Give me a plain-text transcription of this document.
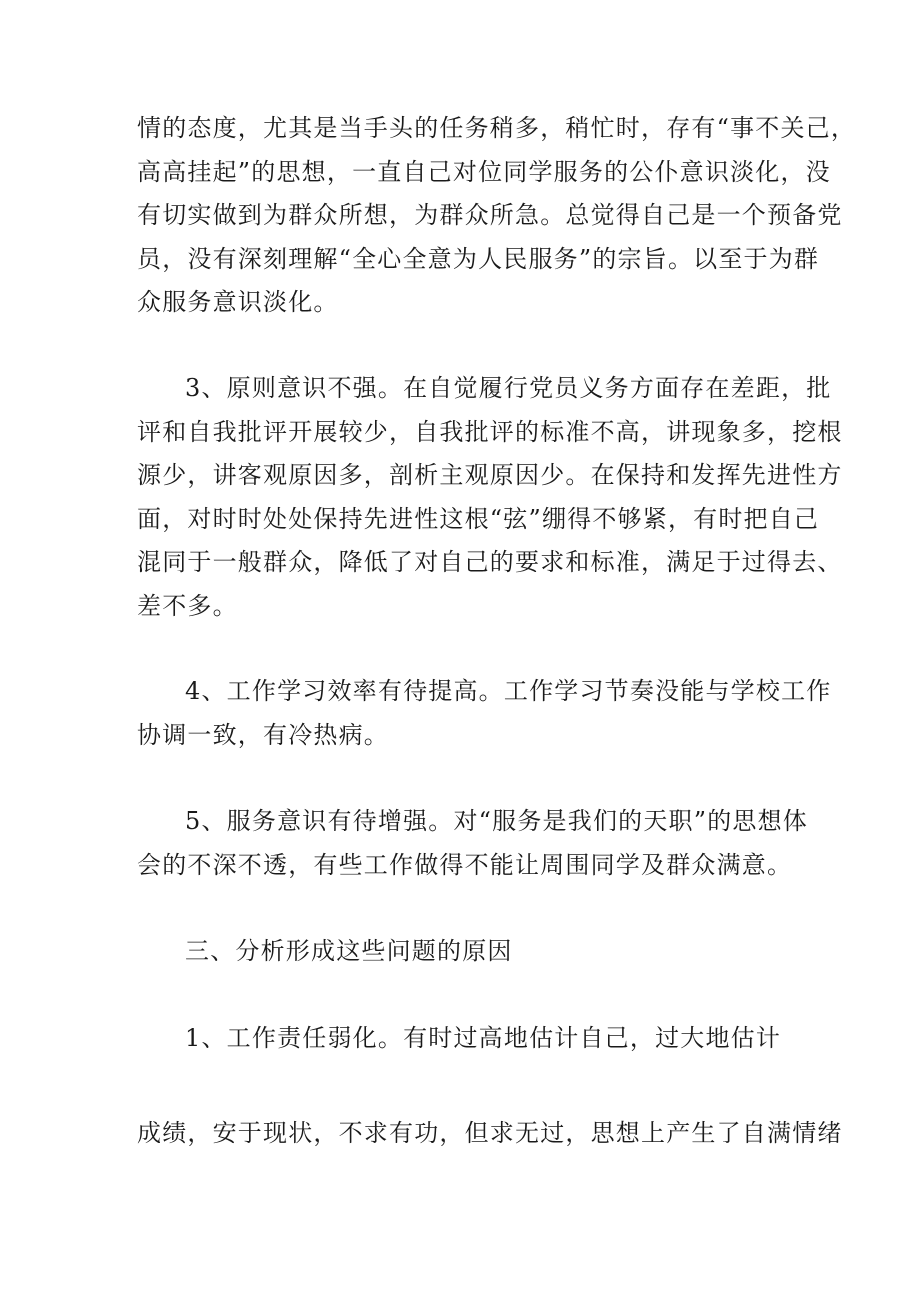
情的态度，尤其是当手头的任务稍多，稍忙时，存有“事不关己，
高高挂起”的思想，一直自己对位同学服务的公仆意识淡化，没
有切实做到为群众所想，为群众所急。总觉得自己是一个预备党
员，没有深刻理解“全心全意为人民服务”的宗旨。以至于为群
众服务意识淡化。
3、原则意识不强。在自觉履行党员义务方面存在差距，批
评和自我批评开展较少，自我批评的标准不高，讲现象多，挖根
源少，讲客观原因多，剖析主观原因少。在保持和发挥先进性方
面，对时时处处保持先进性这根“弦”绷得不够紧，有时把自己
混同于一般群众，降低了对自己的要求和标准，满足于过得去、
差不多。
4、工作学习效率有待提高。工作学习节奏没能与学校工作
协调一致，有冷热病。
5、服务意识有待增强。对“服务是我们的天职”的思想体
会的不深不透，有些工作做得不能让周围同学及群众满意。
三、分析形成这些问题的原因
1、工作责任弱化。有时过高地估计自己，过大地估计
成绩，安于现状，不求有功，但求无过，思想上产生了自满情绪
